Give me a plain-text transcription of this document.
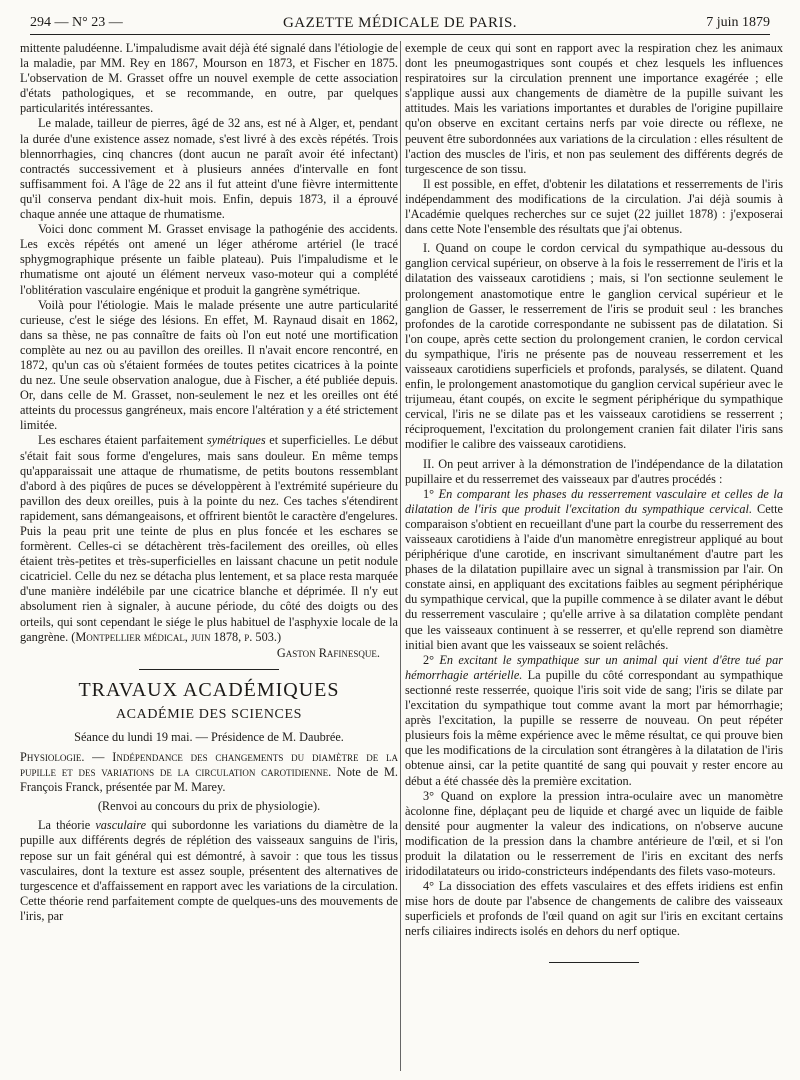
294 — N° 23 —	GAZETTE MÉDICALE DE PARIS.	7 juin 1879

mittente paludéenne. L'impaludisme avait déjà été signalé dans l'étiologie de la maladie, par MM. Rey en 1867, Mourson en 1873, et Fischer en 1875. L'observation de M. Grasset offre un nouvel exemple de cette association d'états pathologiques, et se recommande, en outre, par quelques particularités intéressantes.

Le malade, tailleur de pierres, âgé de 32 ans, est né à Alger, et, pendant la durée d'une existence assez nomade, s'est livré à des excès répétés. Trois blennorrhagies, cinq chancres (dont aucun ne paraît avoir été infectant) contractés successivement et à plusieurs années d'intervalle en font suffisamment foi. A l'âge de 22 ans il fut atteint d'une fièvre intermittente qu'il conserva pendant dix-huit mois. Enfin, depuis 1873, il a éprouvé chaque année une attaque de rhumatisme.

Voici donc comment M. Grasset envisage la pathogénie des accidents. Les excès répétés ont amené un léger athérome artériel (le tracé sphygmographique présente un faible plateau). Puis l'impaludisme et le rhumatisme ont ajouté un élément nerveux vaso-moteur qui a complété l'oblitération vasculaire engénique et produit la gangrène symétrique.

Voilà pour l'étiologie. Mais le malade présente une autre particularité curieuse, c'est le siége des lésions. En effet, M. Raynaud disait en 1862, dans sa thèse, ne pas connaître de faits où l'on eut noté une mortification complète au nez ou au pavillon des oreilles. Il n'avait encore rencontré, en 1872, qu'un cas où s'étaient formées de toutes petites cicatrices à la pointe du nez. Une seule observation analogue, due à Fischer, a été publiée depuis. Or, dans celle de M. Grasset, non-seulement le nez et les oreilles ont été atteints du processus gangréneux, mais encore l'altération y a été strictement limitée.

Les eschares étaient parfaitement symétriques et superficielles. Le début s'était fait sous forme d'engelures, mais sans douleur. En même temps qu'apparaissait une attaque de rhumatisme, de petits boutons ressemblant d'abord à des piqûres de puces se développèrent à l'extrémité supérieure du pavillon des deux oreilles, puis à la pointe du nez. Ces taches s'étendirent rapidement, sans démangeaisons, et offrirent bientôt le caractère d'engelures. Puis la peau prit une teinte de plus en plus foncée et les eschares se formèrent. Celles-ci se détachèrent très-facilement des oreilles, où elles étaient très-petites et très-superficielles en laissant chacune un petit nodule cicatriciel. Celle du nez se détacha plus lentement, et sa place resta marquée d'une manière indélébile par une cicatrice blanche et déprimée. Il n'y eut absolument rien à signaler, à aucune période, du côté des doigts ou des orteils, qui sont cependant le siége le plus habituel de l'asphyxie locale de la gangrène. (Montpellier médical, juin 1878, p. 503.)

Gaston Rafinesque.
TRAVAUX ACADÉMIQUES
ACADÉMIE DES SCIENCES
Séance du lundi 19 mai. — Présidence de M. Daubrée.

Physiologie. — Indépendance des changements du diamètre de la pupille et des variations de la circulation carotidienne. Note de M. François Franck, présentée par M. Marey.

(Renvoi au concours du prix de physiologie).

La théorie vasculaire qui subordonne les variations du diamètre de la pupille aux différents degrés de réplétion des vaisseaux sanguins de l'iris, repose sur un fait général qui est démontré, à savoir : que tous les tissus vasculaires, dont la texture est assez souple, présentent des alternatives de turgescence et d'affaissement en rapport avec les variations de la circulation. Cette théorie rend parfaitement compte de quelques-uns des mouvements de l'iris, par

exemple de ceux qui sont en rapport avec la respiration chez les animaux dont les pneumogastriques sont coupés et chez lesquels les influences respiratoires sur la circulation prennent une importance exagérée ; elle s'applique aussi aux changements de diamètre de la pupille suivant les attitudes. Mais les variations importantes et durables de l'origine pupillaire qu'on observe en excitant certains nerfs par voie directe ou réflexe, ne peuvent être subordonnées aux variations de la circulation : elles résultent de l'action des muscles de l'iris, et non pas seulement des différents degrés de turgescence de son tissu.

Il est possible, en effet, d'obtenir les dilatations et resserrements de l'iris indépendamment des modifications de la circulation. J'ai déjà soumis à l'Académie quelques recherches sur ce sujet (22 juillet 1878) : j'exposerai dans cette Note l'ensemble des résultats que j'ai obtenus.

I. Quand on coupe le cordon cervical du sympathique au-dessous du ganglion cervical supérieur, on observe à la fois le resserrement de l'iris et la dilatation des vaisseaux carotidiens ; mais, si l'on sectionne seulement le prolongement anastomotique entre le ganglion cervical supérieur et le ganglion de Gasser, le resserrement de l'iris se produit seul : les branches profondes de la carotide correspondante ne subissent pas de dilatation. Si l'on coupe, après cette section du prolongement cranien, le cordon cervical du sympathique, l'iris ne présente pas de nouveau resserrement et les vaisseaux carotidiens superficiels et profonds, paralysés, se dilatent. Quand enfin, le prolongement anastomotique du ganglion cervical supérieur avec le trijumeau, étant coupés, on excite le segment périphérique du sympathique cervical, l'iris ne se dilate pas et les vaisseaux carotidiens se resserrent ; réciproquement, l'excitation du prolongement cranien fait dilater l'iris sans modifier le calibre des vaisseaux carotidiens.

II. On peut arriver à la démonstration de l'indépendance de la dilatation pupillaire et du resserremet des vaisseaux par d'autres procédés :

1° En comparant les phases du resserrement vasculaire et celles de la dilatation de l'iris que produit l'excitation du sympathique cervical. Cette comparaison s'obtient en recueillant d'une part la courbe du resserrement des vaisseaux carotidiens à l'aide d'un manomètre enregistreur appliqué au bout périphérique d'une carotide, en inscrivant simultanément d'autre part les phases de la dilatation pupillaire avec un signal à transmission par l'air. On constate ainsi, en appliquant des excitations faibles au segment périphérique du sympathique cervical, que la pupille commence à se dilater avant le début du resserrement vasculaire ; qu'elle arrive à sa dilatation complète pendant que les vaisseaux continuent à se resserrer, et qu'elle reprend son diamètre initial bien avant que les vaisseaux se soient relâchés.

2° En excitant le sympathique sur un animal qui vient d'être tué par hémorrhagie artérielle. La pupille du côté correspondant au sympathique sectionné reste resserrée, quoique l'iris soit vide de sang; l'iris se dilate par l'excitation du sympathique tout comme avant la mort par hémorrhagie; après l'excitation, la pupille se resserre de nouveau. On peut répéter plusieurs fois la même expérience avec le même résultat, ce qui prouve bien que les modifications de la circulation sont étrangères à la dilatation de l'iris obtenue ainsi, car la petite quantité de sang qui pouvait y rester encore au début a été chassée dès la première excitation.

3° Quand on explore la pression intra-oculaire avec un manomètre àcolonne fine, déplaçant peu de liquide et chargé avec un liquide de faible densité pour augmenter la valeur des indications, on n'observe aucune modification de la pression dans la chambre antérieure de l'œil, et si l'on produit la dilatation ou le resserrement de l'iris en excitant des nerfs iridodilatateurs ou irido-constricteurs indépendants des filets vaso-moteurs.

4° La dissociation des effets vasculaires et des effets iridiens est enfin mise hors de doute par l'absence de changements de calibre des vaisseaux superficiels et profonds de l'œil quand on agit sur l'iris en excitant certains nerfs ciliaires indirects isolés en dehors du nerf optique.
